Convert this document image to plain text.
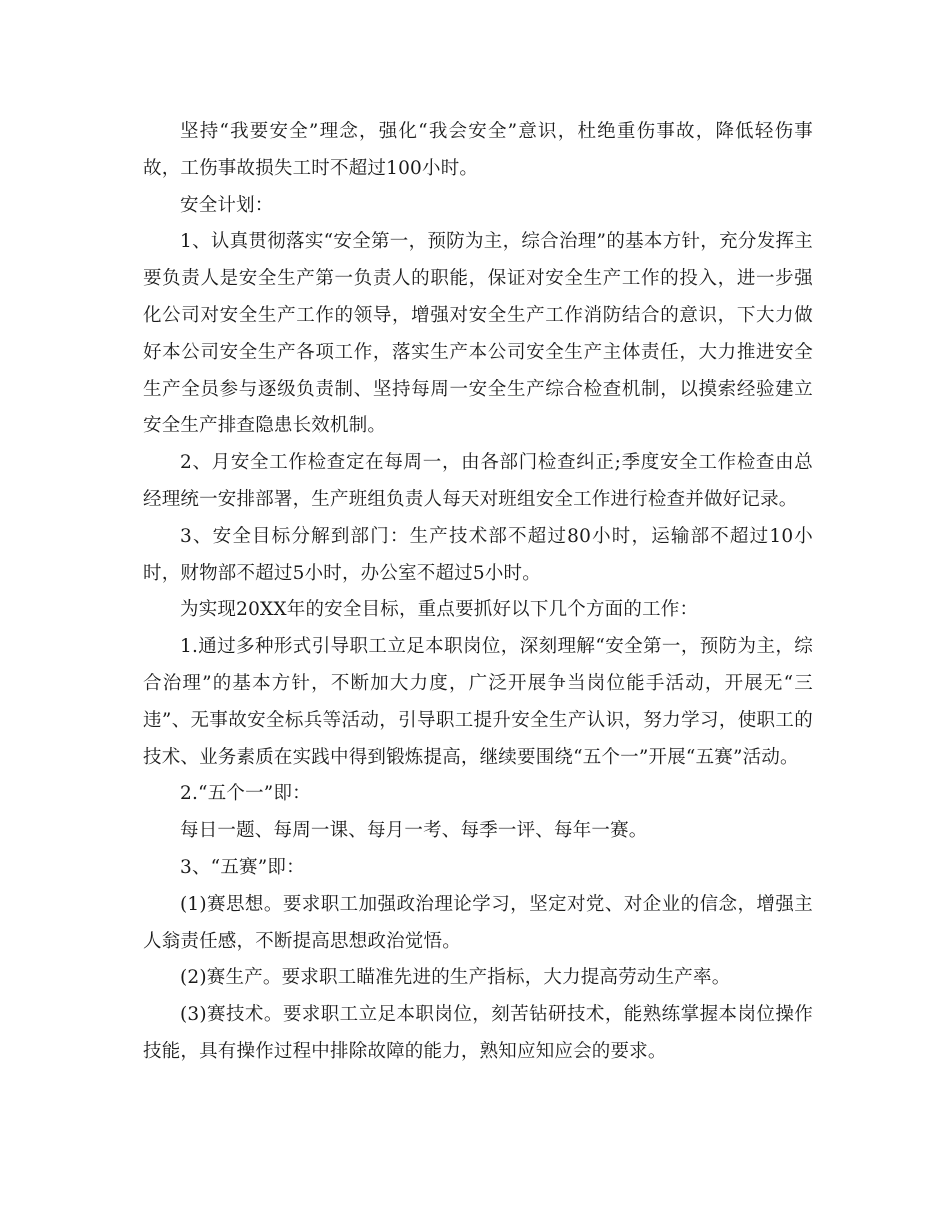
坚持“我要安全”理念，强化“我会安全”意识，杜绝重伤事故，降低轻伤事故，工伤事故损失工时不超过100小时。

安全计划：

1、认真贯彻落实“安全第一，预防为主，综合治理”的基本方针，充分发挥主要负责人是安全生产第一负责人的职能，保证对安全生产工作的投入，进一步强化公司对安全生产工作的领导，增强对安全生产工作消防结合的意识，下大力做好本公司安全生产各项工作，落实生产本公司安全生产主体责任，大力推进安全生产全员参与逐级负责制、坚持每周一安全生产综合检查机制，以摸索经验建立安全生产排查隐患长效机制。

2、月安全工作检查定在每周一，由各部门检查纠正;季度安全工作检查由总经理统一安排部署，生产班组负责人每天对班组安全工作进行检查并做好记录。

3、安全目标分解到部门：生产技术部不超过80小时，运输部不超过10小时，财物部不超过5小时，办公室不超过5小时。

为实现20XX年的安全目标，重点要抓好以下几个方面的工作：

1.通过多种形式引导职工立足本职岗位，深刻理解“安全第一，预防为主，综合治理”的基本方针，不断加大力度，广泛开展争当岗位能手活动，开展无“三违”、无事故安全标兵等活动，引导职工提升安全生产认识，努力学习，使职工的技术、业务素质在实践中得到锻炼提高，继续要围绕“五个一”开展“五赛”活动。

2.“五个一”即：

每日一题、每周一课、每月一考、每季一评、每年一赛。

3、“五赛”即：

(1)赛思想。要求职工加强政治理论学习，坚定对党、对企业的信念，增强主人翁责任感，不断提高思想政治觉悟。

(2)赛生产。要求职工瞄准先进的生产指标，大力提高劳动生产率。

(3)赛技术。要求职工立足本职岗位，刻苦钻研技术，能熟练掌握本岗位操作技能，具有操作过程中排除故障的能力，熟知应知应会的要求。
